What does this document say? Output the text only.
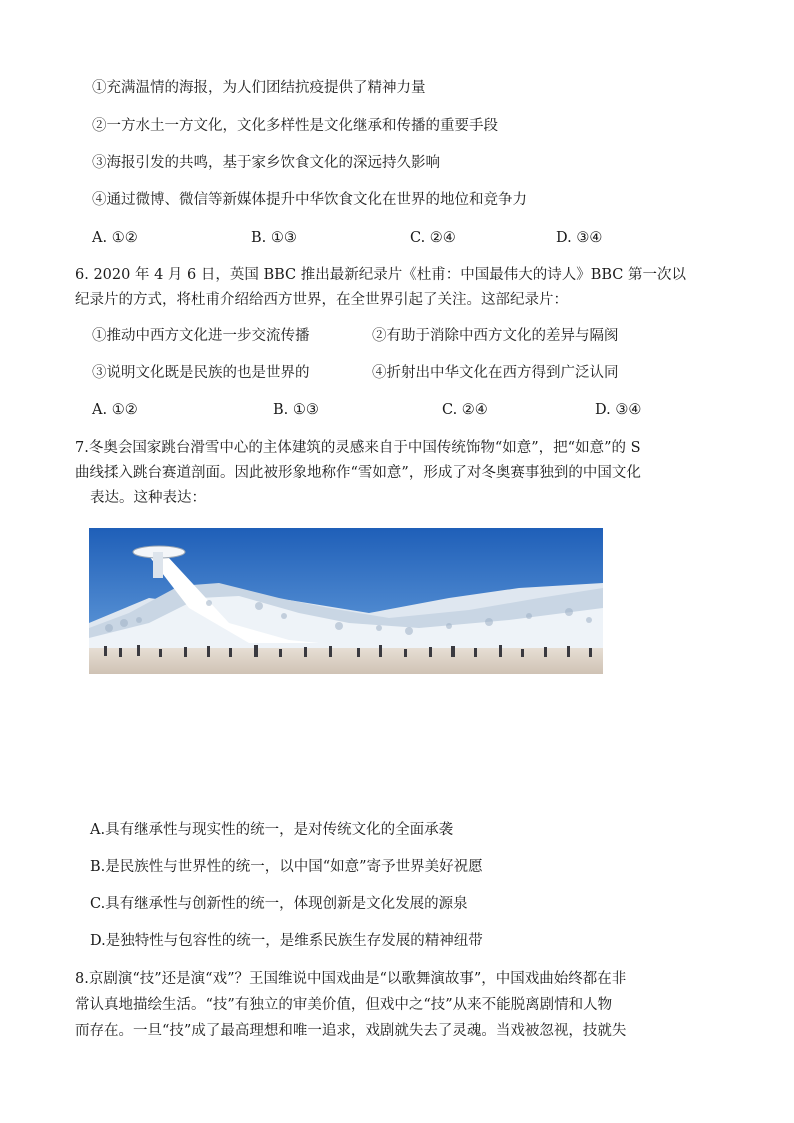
①充满温情的海报，为人们团结抗疫提供了精神力量
②一方水土一方文化，文化多样性是文化继承和传播的重要手段
③海报引发的共鸣，基于家乡饮食文化的深远持久影响
④通过微博、微信等新媒体提升中华饮食文化在世界的地位和竞争力
A. ①②	B. ①③	C. ②④	D. ③④
6. 2020 年 4 月 6 日，英国 BBC 推出最新纪录片《杜甫：中国最伟大的诗人》BBC 第一次以
纪录片的方式，将杜甫介绍给西方世界，在全世界引起了关注。这部纪录片：
①推动中西方文化进一步交流传播	②有助于消除中西方文化的差异与隔阂
③说明文化既是民族的也是世界的	④折射出中华文化在西方得到广泛认同
A. ①②	B. ①③	C. ②④	D. ③④
7.冬奥会国家跳台滑雪中心的主体建筑的灵感来自于中国传统饰物“如意”，把“如意”的 S
曲线揉入跳台赛道剖面。因此被形象地称作“雪如意”，形成了对冬奥赛事独到的中国文化
表达。这种表达：
A.具有继承性与现实性的统一，是对传统文化的全面承袭
B.是民族性与世界性的统一，以中国“如意”寄予世界美好祝愿
C.具有继承性与创新性的统一，体现创新是文化发展的源泉
D.是独特性与包容性的统一，是维系民族生存发展的精神纽带
8.京剧演“技”还是演“戏”？王国维说中国戏曲是“以歌舞演故事”，中国戏曲始终都在非
常认真地描绘生活。“技”有独立的审美价值，但戏中之“技”从来不能脱离剧情和人物
而存在。一旦“技”成了最高理想和唯一追求，戏剧就失去了灵魂。当戏被忽视，技就失
